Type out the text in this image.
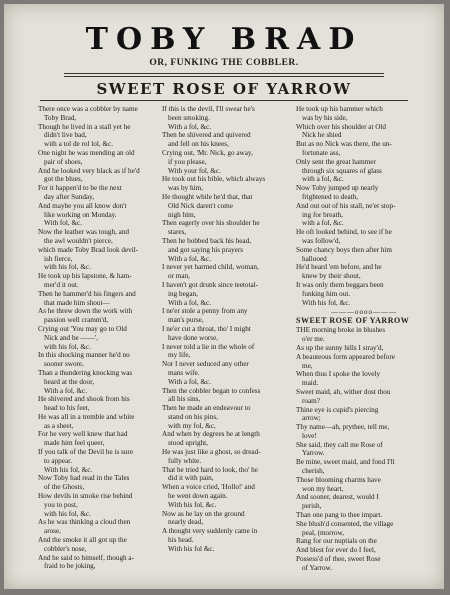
TOBY BRAD
OR, FUNKING THE COBBLER.
SWEET ROSE OF YARROW
There once was a cobbler by name
Toby Brad,
Though he lived in a stall yet he
didn't live bad,
with a tol de rol lol, &c.
One night he was mending an old
pair of shoes,
And he looked very black as if he'd
got the blues,
For it happen'd to be the next
day after Sunday,
And maybe you all know don't
like working on Monday.
With fol, &c.
Now the leather was tough, and
the awl wouldn't pierce,
which made Toby Brad look devil-
ish fierce,
with his fol, &c.
He took up his lapstone, & ham-
mer'd it out.
Then he hammer'd his fingers and
that made him shout—
As he threw down the work with
passion well cramm'd,
Crying out 'You may go to Old
Nick and be ——',
with his fol, &c.
In this shocking manner he'd no
sooner swore,
Than a thundering knocking was
heard at the door,
With a fol, &c.
He shivered and shook from his
head to his feet,
He was all in a tremble and white
as a sheet,
For he very well knew that had
made him feel queer,
If you talk of the Devil he is sure
to appear.
With his fol, &c.
Now Toby had read in the Tales
of the Ghosts,
How devils in smoke rise behind
you to post,
with his fol, &c.
As he was thinking a cloud then
arose,
And the smoke it all got up the
cobbler's nose,
And he said to himself, though a-
fraid to be joking,
If this is the devil, I'll swear he's
been smoking.
With a fol, &c.
Then he shivered and quivered
and fell on his knees,
Crying out, 'Mr. Nick, go away,
if you please,
With your fol, &c.
He took out his bible, which always
was by him,
He thought while he'd that, that
Old Nick daren't come
nigh him,
Then eagerly over his shoulder he
stares,
Then he bobbed back his head,
and got saying his prayers
With a fol, &c.
I never yet harmed child, woman,
or man,
I haven't got drunk since teetotal-
ing began,
With a fol, &c.
I ne'er stole a penny from any
man's purse,
I ne'er cut a throat, tho' I might
have done worse,
I never told a lie in the whole of
my life,
Nor I never seduced any other
mans wife.
With a fol, &c.
Then the cobbler began to confess
all his sins,
Then he made an endeavour to
stand on his pins,
with my fol, &c,
And when by degrees he at length
stood upright,
He was just like a ghost, so dread-
fully white.
That he tried hard to look, tho' he
did it with pain,
When a voice cried, 'Hollo!' and
he went down again.
With his fol, &c.
Now as he lay on the ground
nearly dead,
A thought very suddenly came in
his head.
With his fol &c.
He took up his hammer which
was by his side,
Which over his shoulder at Old
Nick he shied
But as no Nick was there, the un-
fortunate ass,
Only sent the great hammer
through six squares of glass
with a fol, &c.
Now Toby jumped up nearly
frightened to death,
And out out of his stall, ne'er stop-
ing for breath,
with a fol, &c.
He oft looked behind, to see if he
was follow'd,
Some chancy boys then after him
hallooed
He'd heard 'em before, and he
knew by their shout,
It was only them beggars been
funking him out.
With his fol, &c.
———oooo———
SWEET ROSE OF YARROW
THE morning broke in blushes
o'er me.
As up the sunny hills I stray'd,
A beauteous form appeared before
me,
When thus I spoke the lovely
maid.
Sweet maid, ah, wither dost thou
roam?
Thine eye is cupid's piercing
arrow;
Thy name—ah, prythee, tell me,
love!
She said, they call me Rose of
Yarrow.
Be mine, sweet maid, and fond I'll
cherish,
Those blooming charms have
won my heart,
And sooner, dearest, would I
perish,
Than one pang to thee impart.
She blush'd consented, the village
peal, (morrow,
Rang for our nuptials on the
And blest for ever do I feel,
Possess'd of thee, sweet Rose
of Yarrow.
